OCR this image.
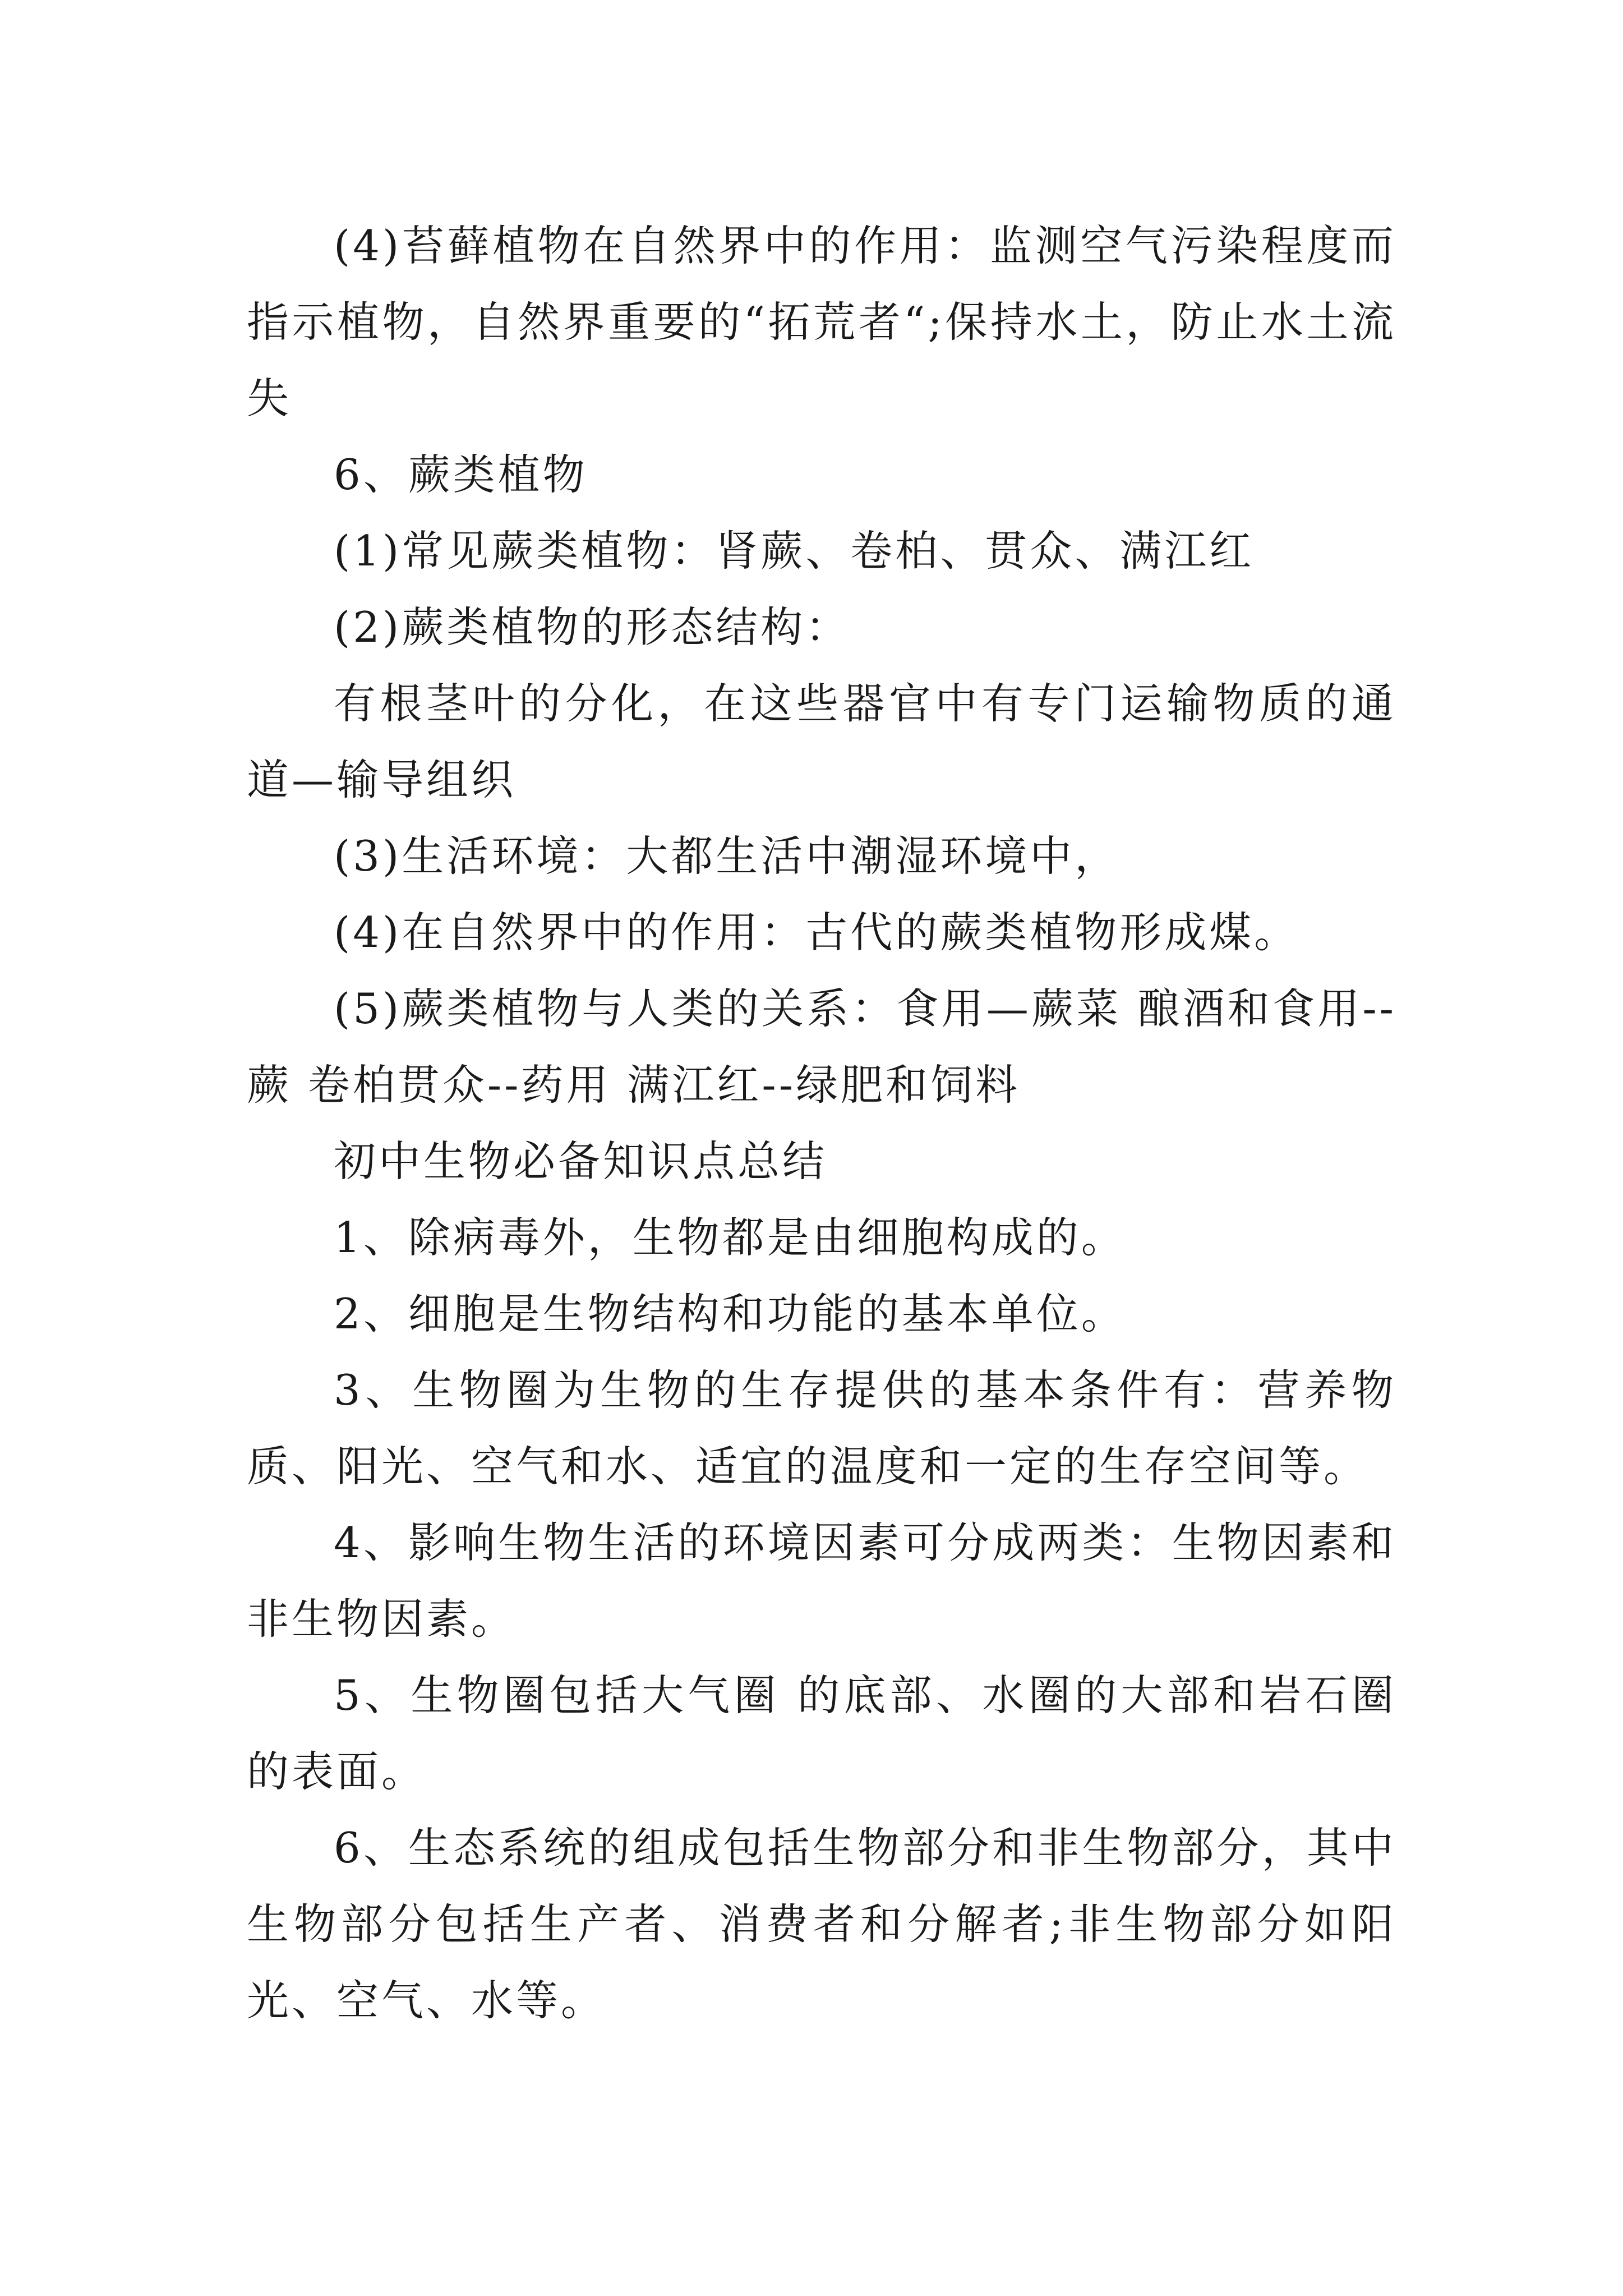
(4)苔藓植物在自然界中的作用：监测空气污染程度而指示植物，自然界重要的“拓荒者“;保持水土，防止水土流失

6、蕨类植物

(1)常见蕨类植物：肾蕨、卷柏、贯众、满江红

(2)蕨类植物的形态结构：

有根茎叶的分化，在这些器官中有专门运输物质的通道—输导组织

(3)生活环境：大都生活中潮湿环境中，

(4)在自然界中的作用：古代的蕨类植物形成煤。

(5)蕨类植物与人类的关系：食用—蕨菜 酿酒和食用--蕨 卷柏贯众--药用 满江红--绿肥和饲料

初中生物必备知识点总结

1、除病毒外，生物都是由细胞构成的。

2、细胞是生物结构和功能的基本单位。

3、生物圈为生物的生存提供的基本条件有：营养物质、阳光、空气和水、适宜的温度和一定的生存空间等。

4、影响生物生活的环境因素可分成两类：生物因素和非生物因素。

5、生物圈包括大气圈 的底部、水圈的大部和岩石圈的表面。

6、生态系统的组成包括生物部分和非生物部分，其中生物部分包括生产者、消费者和分解者;非生物部分如阳光、空气、水等。
